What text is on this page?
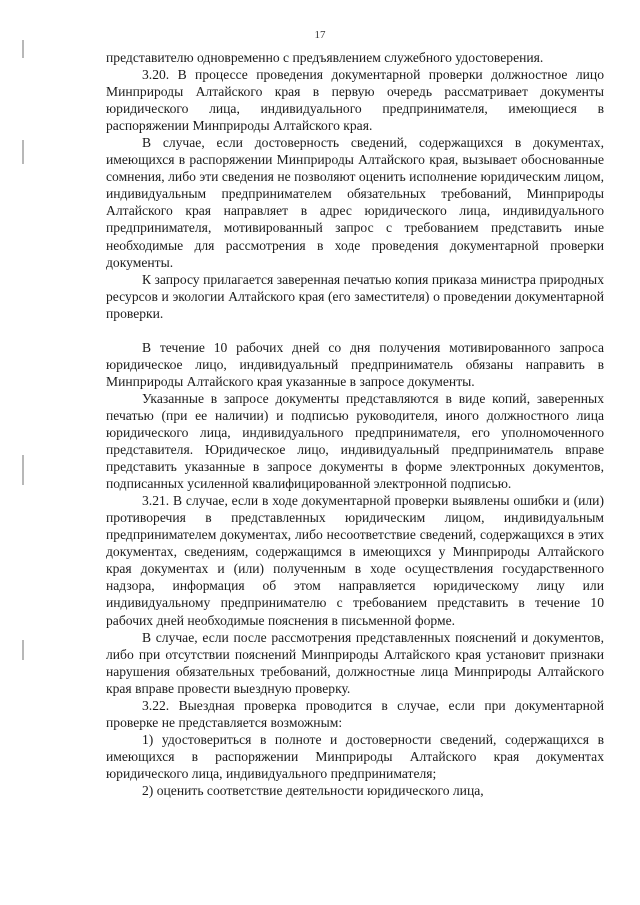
17

представителю одновременно с предъявлением служебного удостоверения.

3.20. В процессе проведения документарной проверки должностное лицо Минприроды Алтайского края в первую очередь рассматривает документы юридического лица, индивидуального предпринимателя, имеющиеся в распоряжении Минприроды Алтайского края.

В случае, если достоверность сведений, содержащихся в документах, имеющихся в распоряжении Минприроды Алтайского края, вызывает обоснованные сомнения, либо эти сведения не позволяют оценить исполнение юридическим лицом, индивидуальным предпринимателем обязательных требований, Минприроды Алтайского края направляет в адрес юридического лица, индивидуального предпринимателя, мотивированный запрос с требованием представить иные необходимые для рассмотрения в ходе проведения документарной проверки документы.

К запросу прилагается заверенная печатью копия приказа министра природных ресурсов и экологии Алтайского края (его заместителя) о проведении документарной проверки.

В течение 10 рабочих дней со дня получения мотивированного запроса юридическое лицо, индивидуальный предприниматель обязаны направить в Минприроды Алтайского края указанные в запросе документы.

Указанные в запросе документы представляются в виде копий, заверенных печатью (при ее наличии) и подписью руководителя, иного должностного лица юридического лица, индивидуального предпринимателя, его уполномоченного представителя. Юридическое лицо, индивидуальный предприниматель вправе представить указанные в запросе документы в форме электронных документов, подписанных усиленной квалифицированной электронной подписью.

3.21. В случае, если в ходе документарной проверки выявлены ошибки и (или) противоречия в представленных юридическим лицом, индивидуальным предпринимателем документах, либо несоответствие сведений, содержащихся в этих документах, сведениям, содержащимся в имеющихся у Минприроды Алтайского края документах и (или) полученным в ходе осуществления государственного надзора, информация об этом направляется юридическому лицу или индивидуальному предпринимателю с требованием представить в течение 10 рабочих дней необходимые пояснения в письменной форме.

В случае, если после рассмотрения представленных пояснений и документов, либо при отсутствии пояснений Минприроды Алтайского края установит признаки нарушения обязательных требований, должностные лица Минприроды Алтайского края вправе провести выездную проверку.

3.22. Выездная проверка проводится в случае, если при документарной проверке не представляется возможным:

1) удостовериться в полноте и достоверности сведений, содержащихся в имеющихся в распоряжении Минприроды Алтайского края документах юридического лица, индивидуального предпринимателя;

2) оценить соответствие деятельности юридического лица,
